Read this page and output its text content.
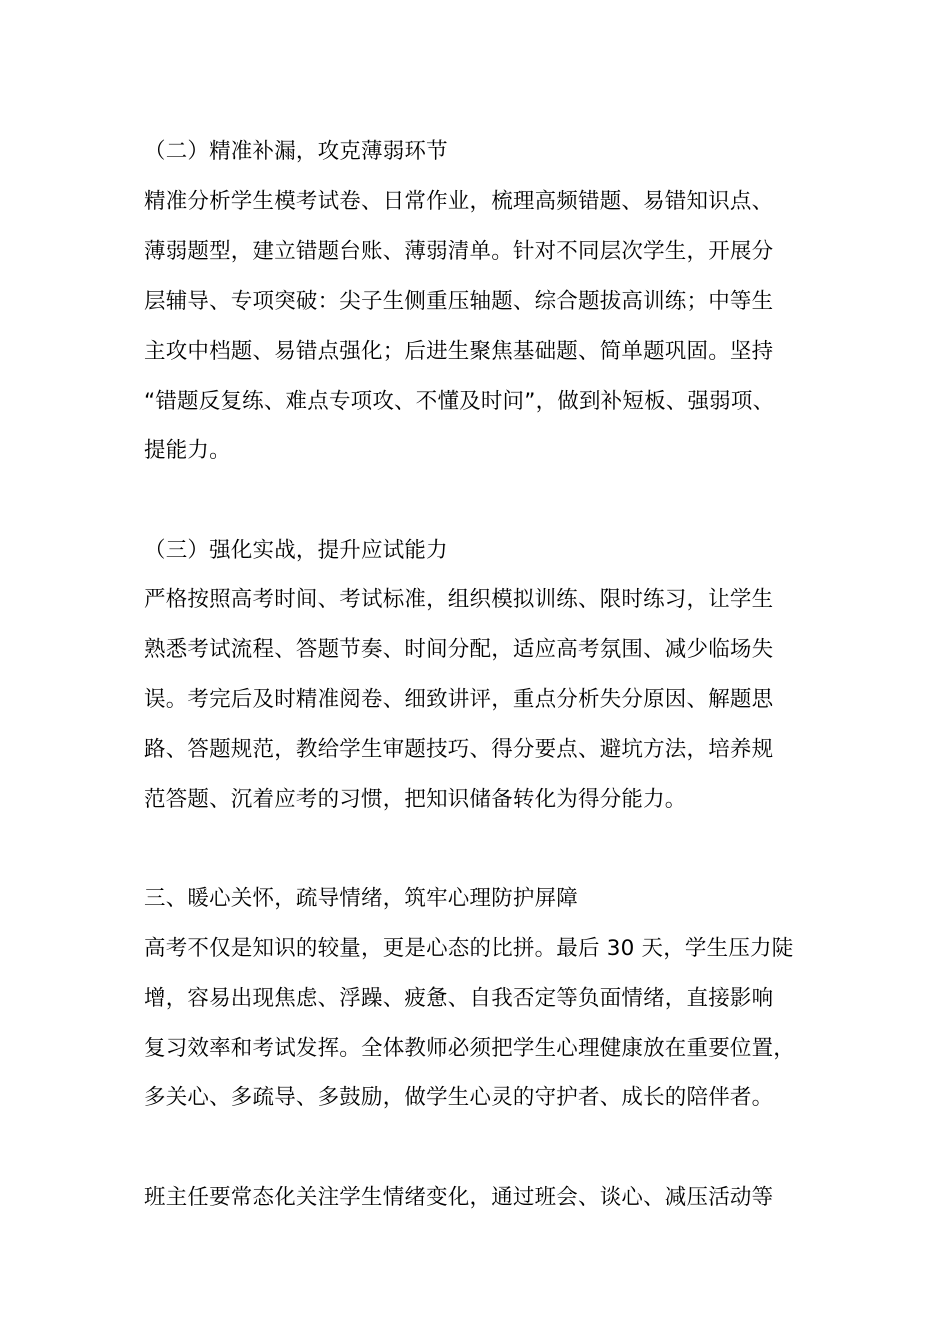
（二）精准补漏，攻克薄弱环节
精准分析学生模考试卷、日常作业，梳理高频错题、易错知识点、
薄弱题型，建立错题台账、薄弱清单。针对不同层次学生，开展分
层辅导、专项突破：尖子生侧重压轴题、综合题拔高训练；中等生
主攻中档题、易错点强化；后进生聚焦基础题、简单题巩固。坚持
“错题反复练、难点专项攻、不懂及时问”，做到补短板、强弱项、
提能力。
（三）强化实战，提升应试能力
严格按照高考时间、考试标准，组织模拟训练、限时练习，让学生
熟悉考试流程、答题节奏、时间分配，适应高考氛围、减少临场失
误。考完后及时精准阅卷、细致讲评，重点分析失分原因、解题思
路、答题规范，教给学生审题技巧、得分要点、避坑方法，培养规
范答题、沉着应考的习惯，把知识储备转化为得分能力。
三、暖心关怀，疏导情绪，筑牢心理防护屏障
高考不仅是知识的较量，更是心态的比拼。最后 30 天，学生压力陡
增，容易出现焦虑、浮躁、疲惫、自我否定等负面情绪，直接影响
复习效率和考试发挥。全体教师必须把学生心理健康放在重要位置，
多关心、多疏导、多鼓励，做学生心灵的守护者、成长的陪伴者。
班主任要常态化关注学生情绪变化，通过班会、谈心、减压活动等
